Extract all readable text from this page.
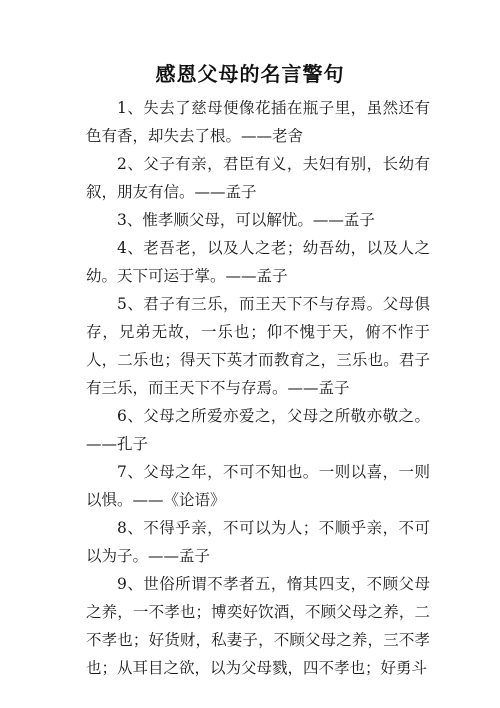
感恩父母的名言警句

1、失去了慈母便像花插在瓶子里，虽然还有色有香，却失去了根。——老舍

2、父子有亲，君臣有义，夫妇有别，长幼有叙，朋友有信。——孟子

3、惟孝顺父母，可以解忧。——孟子

4、老吾老，以及人之老；幼吾幼，以及人之幼。天下可运于掌。——孟子

5、君子有三乐，而王天下不与存焉。父母俱存，兄弟无故，一乐也；仰不愧于天，俯不怍于人，二乐也；得天下英才而教育之，三乐也。君子有三乐，而王天下不与存焉。——孟子

6、父母之所爱亦爱之，父母之所敬亦敬之。——孔子

7、父母之年，不可不知也。一则以喜，一则以惧。——《论语》

8、不得乎亲，不可以为人；不顺乎亲，不可以为子。——孟子

9、世俗所谓不孝者五，惰其四支，不顾父母之养，一不孝也；博奕好饮酒，不顾父母之养，二不孝也；好货财，私妻子，不顾父母之养，三不孝也；从耳目之欲，以为父母戮，四不孝也；好勇斗
